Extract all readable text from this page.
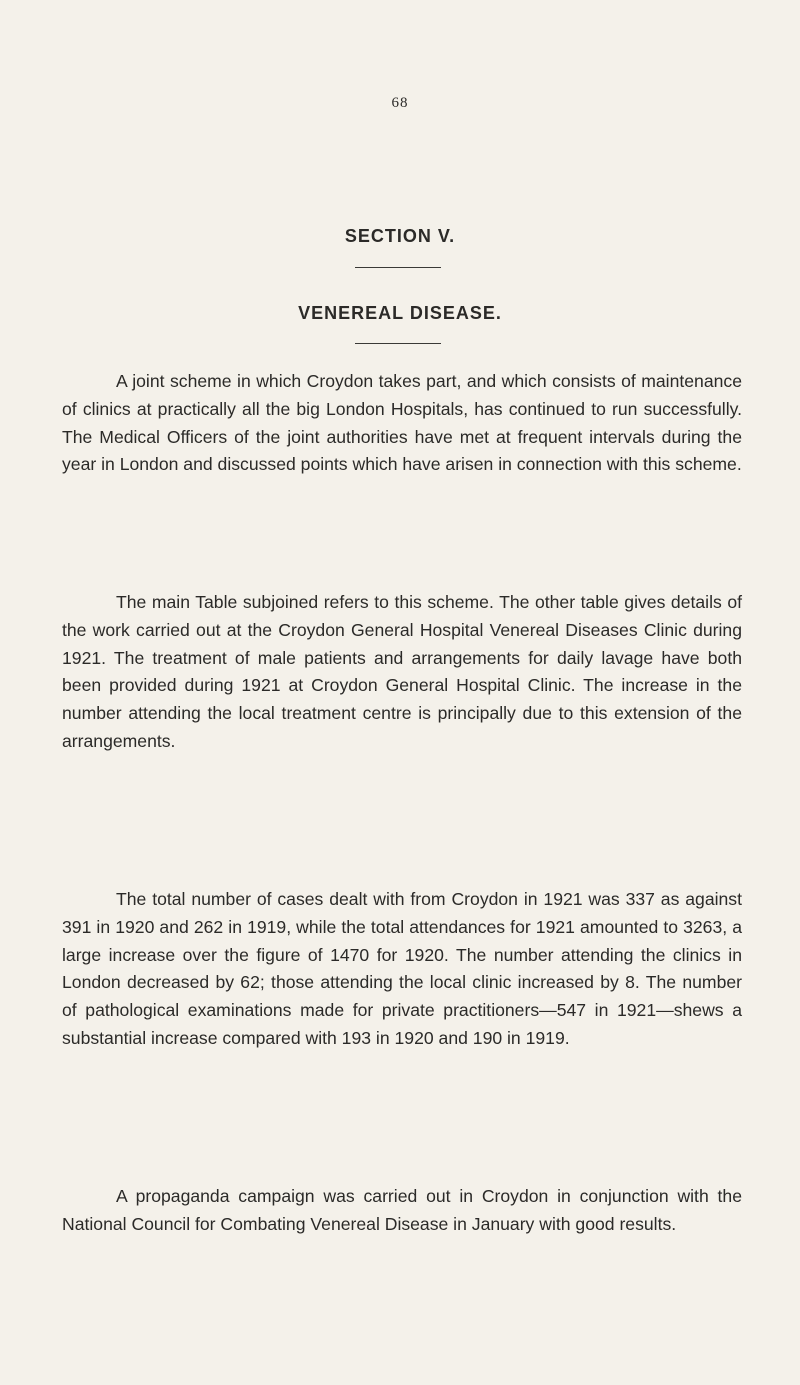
68
SECTION V.
VENEREAL DISEASE.
A joint scheme in which Croydon takes part, and which consists of maintenance of clinics at practically all the big London Hospitals, has continued to run successfully. The Medical Officers of the joint authorities have met at frequent intervals during the year in London and discussed points which have arisen in connection with this scheme.
The main Table subjoined refers to this scheme. The other table gives details of the work carried out at the Croydon General Hospital Venereal Diseases Clinic during 1921. The treatment of male patients and arrangements for daily lavage have both been provided during 1921 at Croydon General Hospital Clinic. The increase in the number attending the local treatment centre is principally due to this extension of the arrangements.
The total number of cases dealt with from Croydon in 1921 was 337 as against 391 in 1920 and 262 in 1919, while the total attendances for 1921 amounted to 3263, a large increase over the figure of 1470 for 1920. The number attending the clinics in London decreased by 62; those attending the local clinic increased by 8. The number of pathological examinations made for private practitioners—547 in 1921—shews a substantial increase compared with 193 in 1920 and 190 in 1919.
A propaganda campaign was carried out in Croydon in conjunction with the National Council for Combating Venereal Disease in January with good results.
